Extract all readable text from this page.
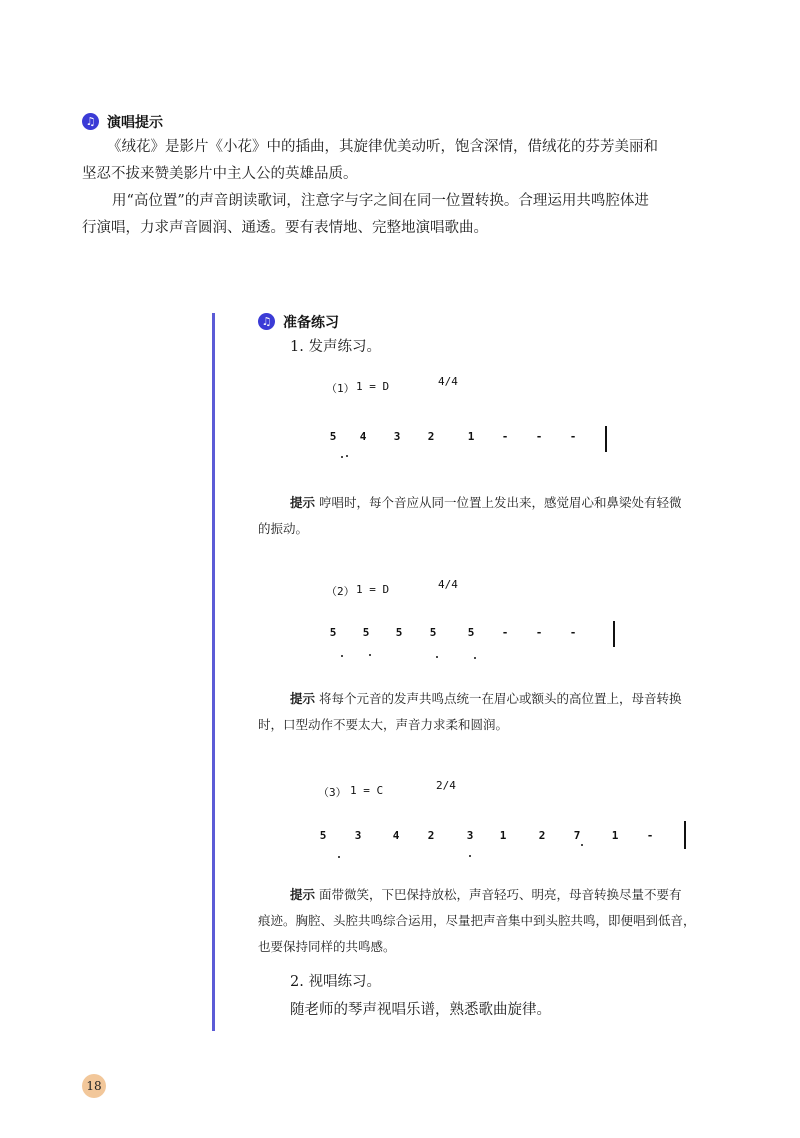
♫ 演唱提示
《绒花》是影片《小花》中的插曲，其旋律优美动听，饱含深情，借绒花的芬芳美丽和
坚忍不拔来赞美影片中主人公的英雄品质。
用“高位置”的声音朗读歌词，注意字与字之间在同一位置转换。合理运用共鸣腔体进
行演唱，力求声音圆润、通透。要有表情地、完整地演唱歌曲。
♫ 准备练习
1. 发声练习。
（1） 1 = D	4/4
5	4	3	2	1	-	-	-
提示 哼唱时，每个音应从同一位置上发出来，感觉眉心和鼻梁处有轻微
的振动。
（2） 1 = D	4/4
5	5	5	5	5	-	-	-
提示 将每个元音的发声共鸣点统一在眉心或额头的高位置上，母音转换
时，口型动作不要太大，声音力求柔和圆润。
（3） 1 = C	2/4
5	3	4	2	3	1	2	7	1	-
提示 面带微笑，下巴保持放松，声音轻巧、明亮，母音转换尽量不要有
痕迹。胸腔、头腔共鸣综合运用，尽量把声音集中到头腔共鸣，即便唱到低音，
也要保持同样的共鸣感。
2. 视唱练习。
随老师的琴声视唱乐谱，熟悉歌曲旋律。
18
